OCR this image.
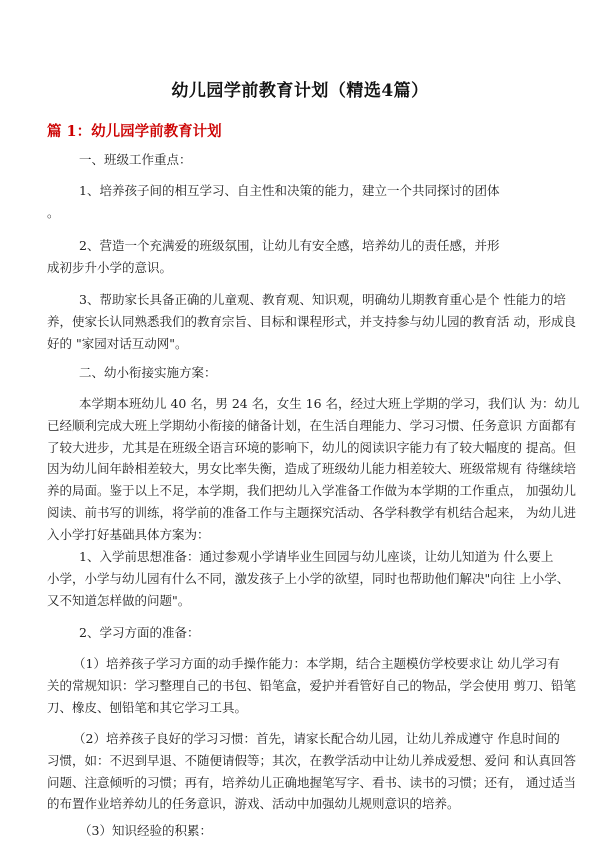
幼儿园学前教育计划（精选4篇）
篇 1：幼儿园学前教育计划
一、班级工作重点：
1、培养孩子间的相互学习、自主性和决策的能力，建立一个共同探讨的团体
。
2、营造一个充满爱的班级氛围，让幼儿有安全感，培养幼儿的责任感，并形
成初步升小学的意识。
3、帮助家长具备正确的儿童观、教育观、知识观，明确幼儿期教育重心是个 性能力的培
养，使家长认同熟悉我们的教育宗旨、目标和课程形式，并支持参与幼儿园的教育活 动，形成良
好的 "家园对话互动网"。
二、幼小衔接实施方案：
本学期本班幼儿 40 名，男 24 名，女生 16 名，经过大班上学期的学习，我们认 为：幼儿
已经顺利完成大班上学期幼小衔接的储备计划，在生活自理能力、学习习惯、任务意识 方面都有
了较大进步，尤其是在班级全语言环境的影响下，幼儿的阅读识字能力有了较大幅度的 提高。但
因为幼儿间年龄相差较大，男女比率失衡，造成了班级幼儿能力相差较大、班级常规有 待继续培
养的局面。鉴于以上不足，本学期，我们把幼儿入学准备工作做为本学期的工作重点， 加强幼儿
阅读、前书写的训练，将学前的准备工作与主题探究活动、各学科教学有机结合起来， 为幼儿进
入小学打好基础具体方案为：
1、入学前思想准备：通过参观小学请毕业生回园与幼儿座谈，让幼儿知道为 什么要上
小学，小学与幼儿园有什么不同，激发孩子上小学的欲望，同时也帮助他们解决"向往 上小学、
又不知道怎样做的问题"。
2、学习方面的准备：
（1）培养孩子学习方面的动手操作能力：本学期，结合主题模仿学校要求让 幼儿学习有
关的常规知识：学习整理自己的书包、铅笔盒，爱护并看管好自己的物品，学会使用 剪刀、铅笔
刀、橡皮、刨铅笔和其它学习工具。
（2）培养孩子良好的学习习惯：首先，请家长配合幼儿园，让幼儿养成遵守 作息时间的
习惯，如：不迟到早退、不随便请假等；其次，在教学活动中让幼儿养成爱想、爱问 和认真回答
问题、注意倾听的习惯；再有，培养幼儿正确地握笔写字、看书、读书的习惯；还有， 通过适当
的布置作业培养幼儿的任务意识，游戏、活动中加强幼儿规则意识的培养。
（3）知识经验的积累：
